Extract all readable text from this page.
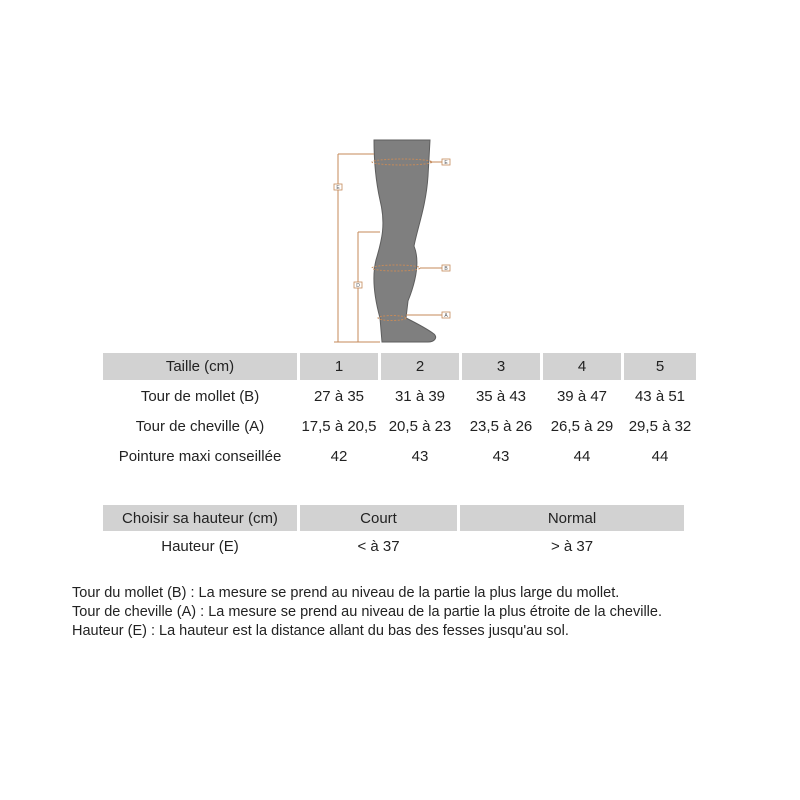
E
B
A
E
D
Taille (cm)	1	2	3	4	5
Tour de mollet (B)	27 à 35	31 à 39	35 à 43	39 à 47	43 à 51
Tour de cheville (A)	17,5 à 20,5	20,5 à 23	23,5 à 26	26,5 à 29	29,5 à 32
Pointure maxi conseillée	42	43	43	44	44
Choisir sa hauteur (cm)	Court	Normal
Hauteur (E)	< à 37	> à 37

Tour du mollet (B) : La mesure se prend au niveau de la partie la plus large du mollet.

Tour de cheville (A) : La mesure se prend au niveau de la partie la plus étroite de la cheville.

Hauteur (E) : La hauteur est la distance allant du bas des fesses jusqu'au sol.
